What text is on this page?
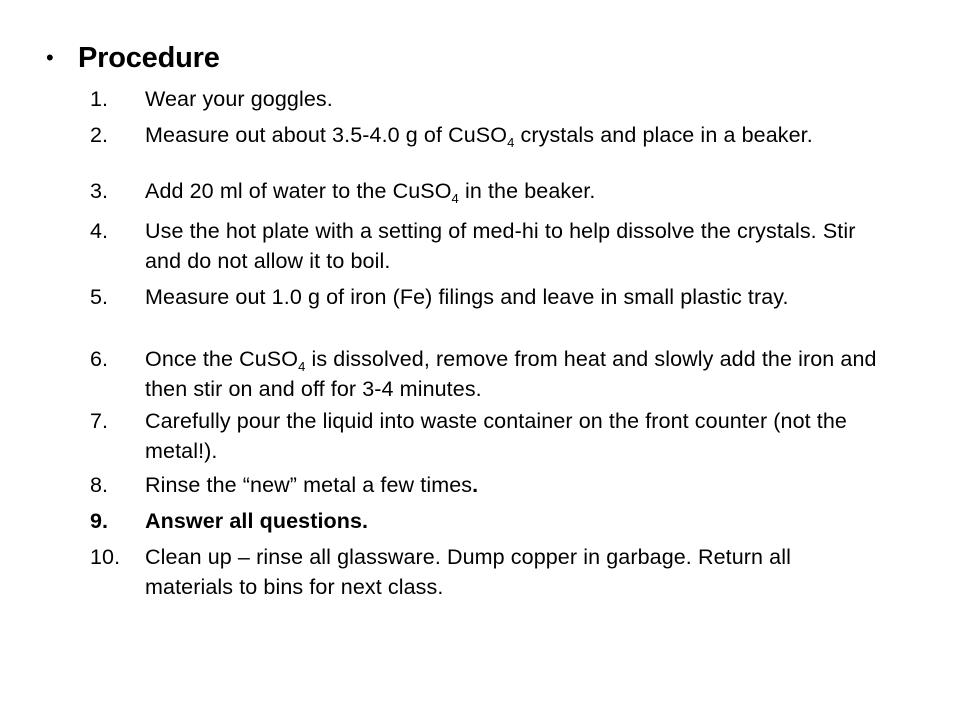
• Procedure
1.	Wear your goggles.
2.	Measure out about 3.5-4.0 g of CuSO$_4$ crystals and place in a beaker.
3.	Add 20 ml of water to the CuSO$_4$ in the beaker.
4.	Use the hot plate with a setting of med-hi to help dissolve the crystals. Stir and do not allow it to boil.
5.	Measure out 1.0 g of iron (Fe) filings and leave in small plastic tray.
6.	Once the CuSO$_4$ is dissolved, remove from heat and slowly add the iron and then stir on and off for 3-4 minutes.
7.	Carefully pour the liquid into waste container on the front counter (not the metal!).
8.	Rinse the “new” metal a few times.
9.	Answer all questions.
10.	Clean up – rinse all glassware. Dump copper in garbage. Return all materials to bins for next class.
